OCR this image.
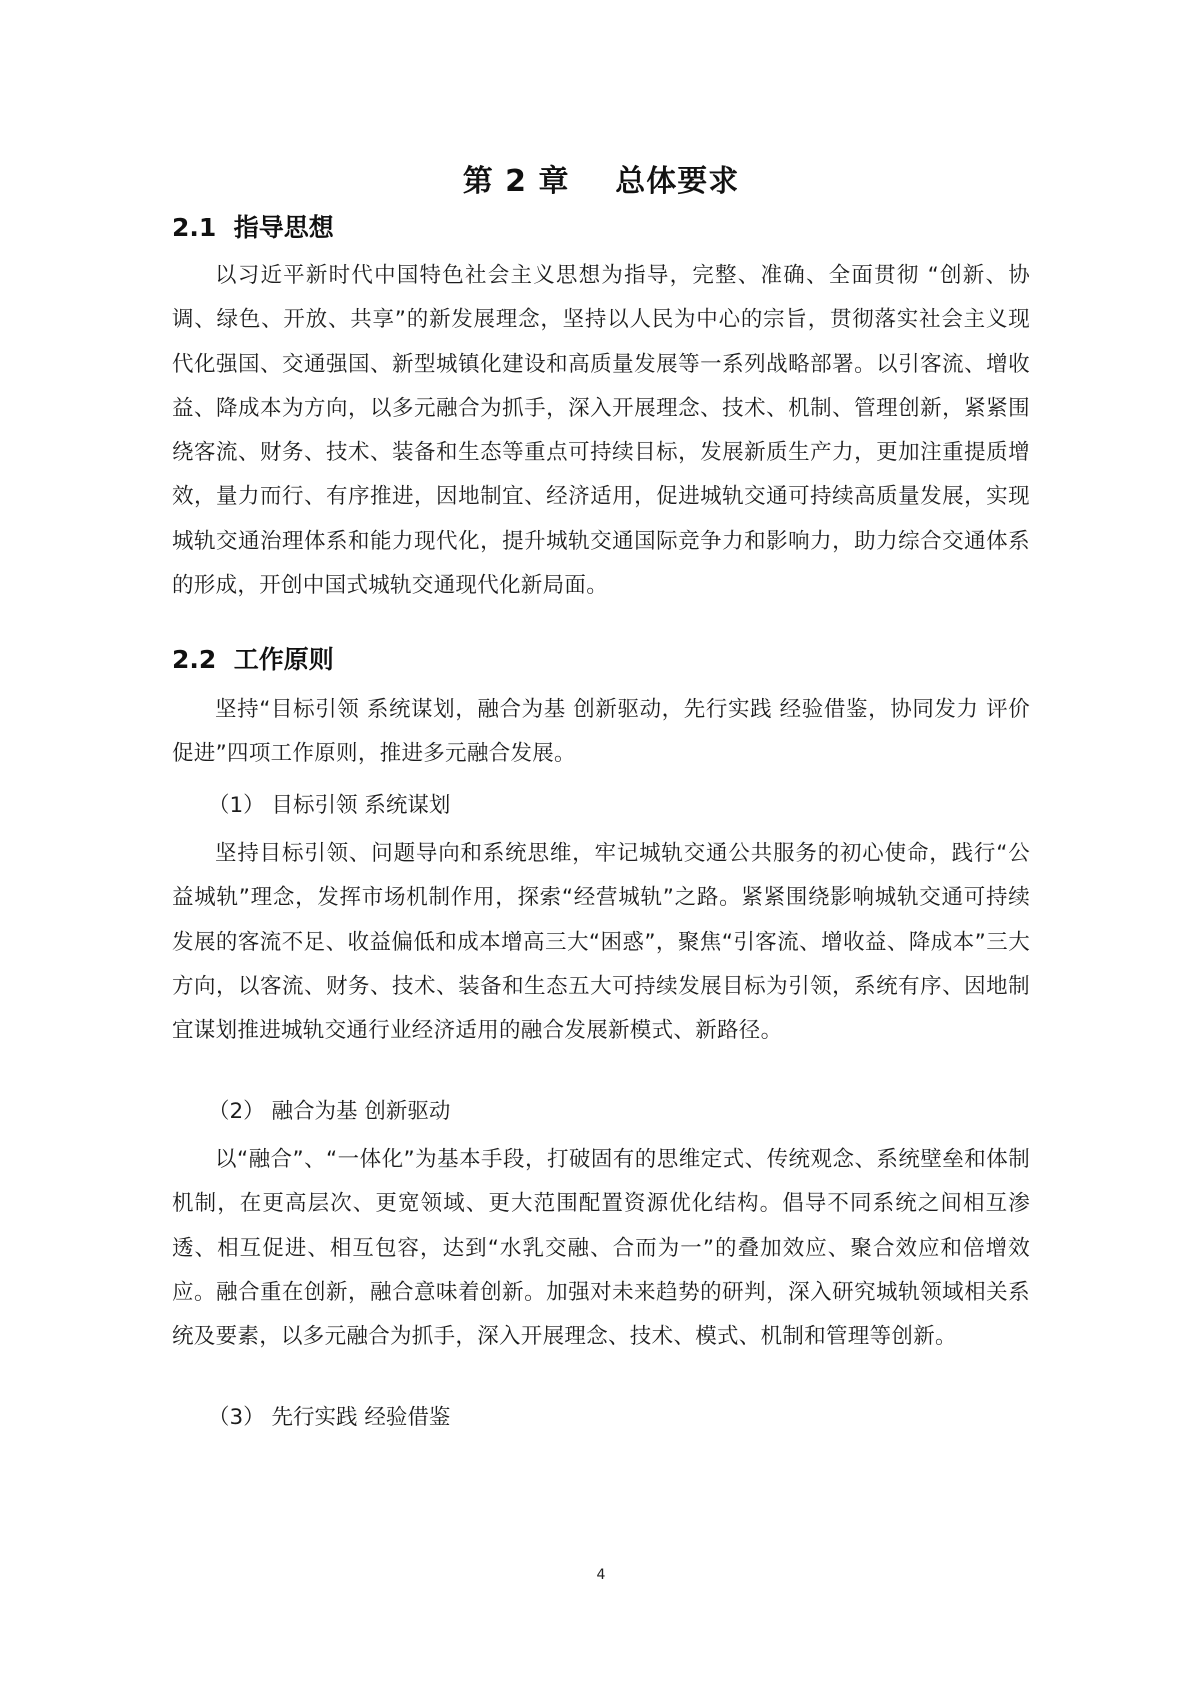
第 2 章    总体要求
2.1  指导思想
以习近平新时代中国特色社会主义思想为指导，完整、准确、全面贯彻 “创新、协调、绿色、开放、共享”的新发展理念，坚持以人民为中心的宗旨，贯彻落实社会主义现代化强国、交通强国、新型城镇化建设和高质量发展等一系列战略部署。以引客流、增收益、降成本为方向，以多元融合为抓手，深入开展理念、技术、机制、管理创新，紧紧围绕客流、财务、技术、装备和生态等重点可持续目标，发展新质生产力，更加注重提质增效，量力而行、有序推进，因地制宜、经济适用，促进城轨交通可持续高质量发展，实现城轨交通治理体系和能力现代化，提升城轨交通国际竞争力和影响力，助力综合交通体系的形成，开创中国式城轨交通现代化新局面。
2.2  工作原则
坚持“目标引领 系统谋划，融合为基 创新驱动，先行实践 经验借鉴，协同发力 评价促进”四项工作原则，推进多元融合发展。
（1） 目标引领 系统谋划
坚持目标引领、问题导向和系统思维，牢记城轨交通公共服务的初心使命，践行“公益城轨”理念，发挥市场机制作用，探索“经营城轨”之路。紧紧围绕影响城轨交通可持续发展的客流不足、收益偏低和成本增高三大“困惑”，聚焦“引客流、增收益、降成本”三大方向，以客流、财务、技术、装备和生态五大可持续发展目标为引领，系统有序、因地制宜谋划推进城轨交通行业经济适用的融合发展新模式、新路径。
（2） 融合为基 创新驱动
以“融合”、“一体化”为基本手段，打破固有的思维定式、传统观念、系统壁垒和体制机制，在更高层次、更宽领域、更大范围配置资源优化结构。倡导不同系统之间相互渗透、相互促进、相互包容，达到“水乳交融、合而为一”的叠加效应、聚合效应和倍增效应。融合重在创新，融合意味着创新。加强对未来趋势的研判，深入研究城轨领域相关系统及要素，以多元融合为抓手，深入开展理念、技术、模式、机制和管理等创新。
（3） 先行实践 经验借鉴
4
